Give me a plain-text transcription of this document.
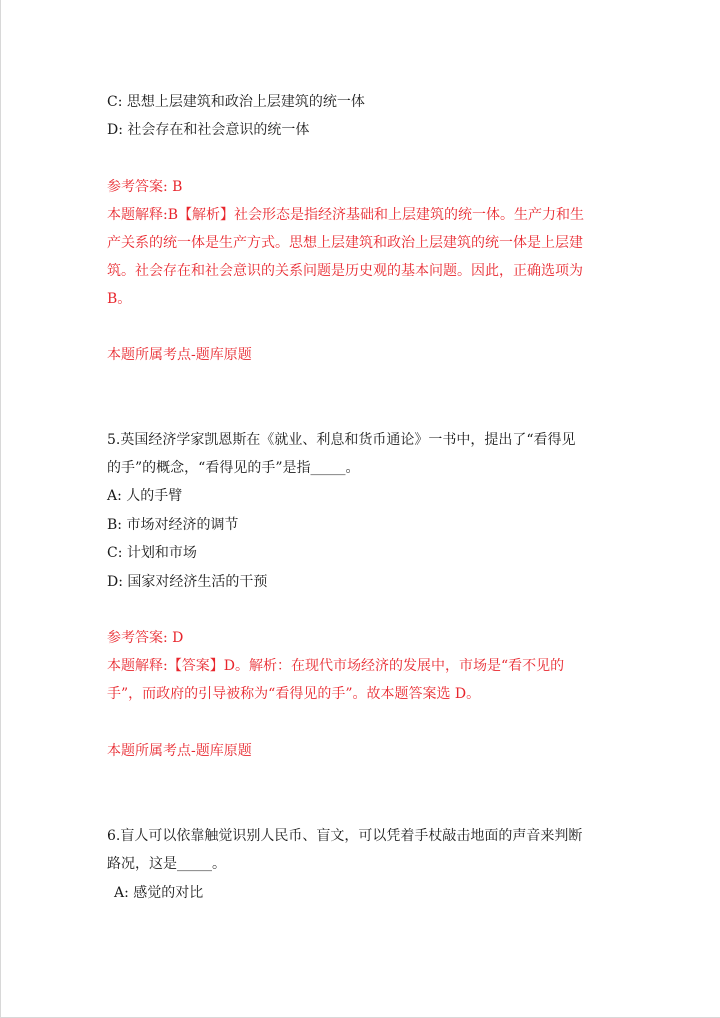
C: 思想上层建筑和政治上层建筑的统一体
D: 社会存在和社会意识的统一体
参考答案: B
本题解释:B【解析】社会形态是指经济基础和上层建筑的统一体。生产力和生
产关系的统一体是生产方式。思想上层建筑和政治上层建筑的统一体是上层建
筑。社会存在和社会意识的关系问题是历史观的基本问题。因此，正确选项为
B。
本题所属考点-题库原题
5.英国经济学家凯恩斯在《就业、利息和货币通论》一书中，提出了“看得见
的手”的概念，“看得见的手”是指_____。
A: 人的手臂
B: 市场对经济的调节
C: 计划和市场
D: 国家对经济生活的干预
参考答案: D
本题解释:【答案】D。解析：在现代市场经济的发展中，市场是“看不见的
手”，而政府的引导被称为“看得见的手”。故本题答案选 D。
本题所属考点-题库原题
6.盲人可以依靠触觉识别人民币、盲文，可以凭着手杖敲击地面的声音来判断
路况，这是_____。
A: 感觉的对比
